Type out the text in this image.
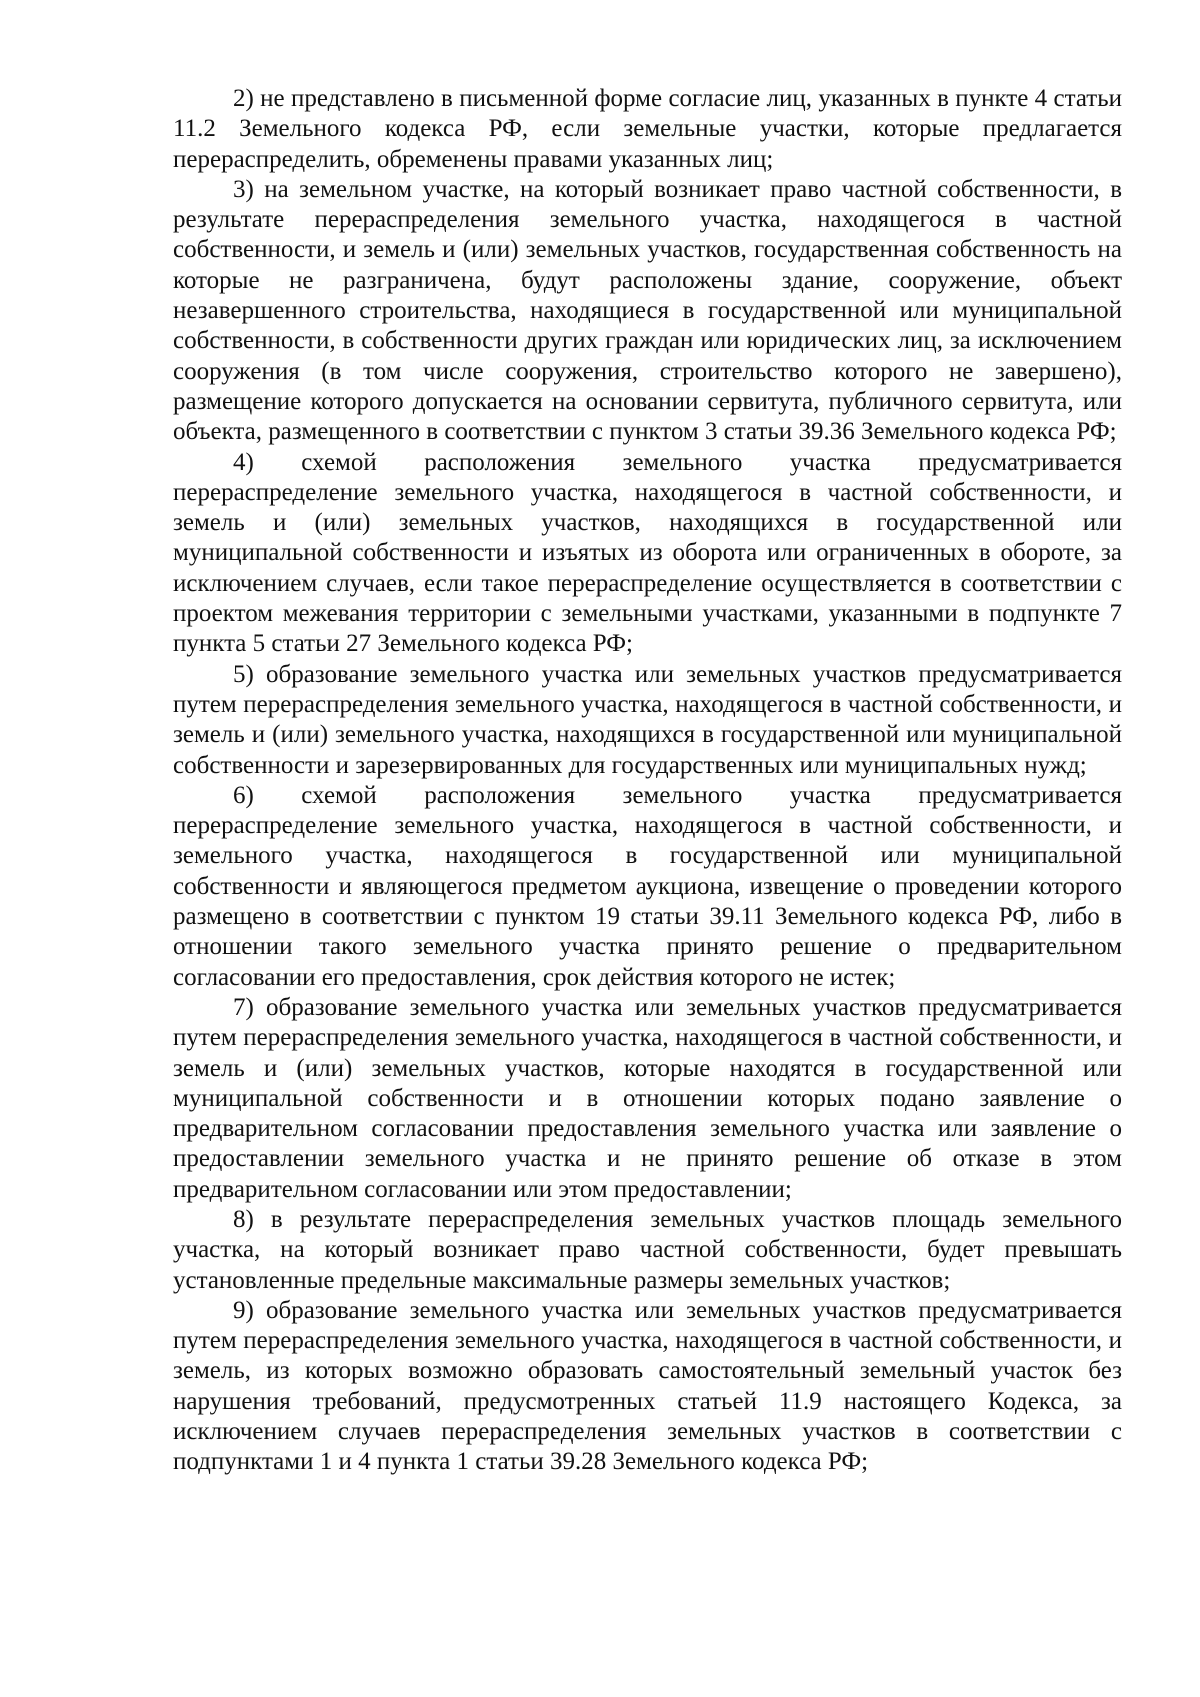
2) не представлено в письменной форме согласие лиц, указанных в пункте 4 статьи 11.2 Земельного кодекса РФ, если земельные участки, которые предлагается перераспределить, обременены правами указанных лиц;

3) на земельном участке, на который возникает право частной собственности, в результате перераспределения земельного участка, находящегося в частной собственности, и земель и (или) земельных участков, государственная собственность на которые не разграничена, будут расположены здание, сооружение, объект незавершенного строительства, находящиеся в государственной или муниципальной собственности, в собственности других граждан или юридических лиц, за исключением сооружения (в том числе сооружения, строительство которого не завершено), размещение которого допускается на основании сервитута, публичного сервитута, или объекта, размещенного в соответствии с пунктом 3 статьи 39.36 Земельного кодекса РФ;

4) схемой расположения земельного участка предусматривается перераспределение земельного участка, находящегося в частной собственности, и земель и (или) земельных участков, находящихся в государственной или муниципальной собственности и изъятых из оборота или ограниченных в обороте, за исключением случаев, если такое перераспределение осуществляется в соответствии с проектом межевания территории с земельными участками, указанными в подпункте 7 пункта 5 статьи 27 Земельного кодекса РФ;

5) образование земельного участка или земельных участков предусматривается путем перераспределения земельного участка, находящегося в частной собственности, и земель и (или) земельного участка, находящихся в государственной или муниципальной собственности и зарезервированных для государственных или муниципальных нужд;

6) схемой расположения земельного участка предусматривается перераспределение земельного участка, находящегося в частной собственности, и земельного участка, находящегося в государственной или муниципальной собственности и являющегося предметом аукциона, извещение о проведении которого размещено в соответствии с пунктом 19 статьи 39.11 Земельного кодекса РФ, либо в отношении такого земельного участка принято решение о предварительном согласовании его предоставления, срок действия которого не истек;

7) образование земельного участка или земельных участков предусматривается путем перераспределения земельного участка, находящегося в частной собственности, и земель и (или) земельных участков, которые находятся в государственной или муниципальной собственности и в отношении которых подано заявление о предварительном согласовании предоставления земельного участка или заявление о предоставлении земельного участка и не принято решение об отказе в этом предварительном согласовании или этом предоставлении;

8) в результате перераспределения земельных участков площадь земельного участка, на который возникает право частной собственности, будет превышать установленные предельные максимальные размеры земельных участков;

9) образование земельного участка или земельных участков предусматривается путем перераспределения земельного участка, находящегося в частной собственности, и земель, из которых возможно образовать самостоятельный земельный участок без нарушения требований, предусмотренных статьей 11.9 настоящего Кодекса, за исключением случаев перераспределения земельных участков в соответствии с подпунктами 1 и 4 пункта 1 статьи 39.28 Земельного кодекса РФ;
